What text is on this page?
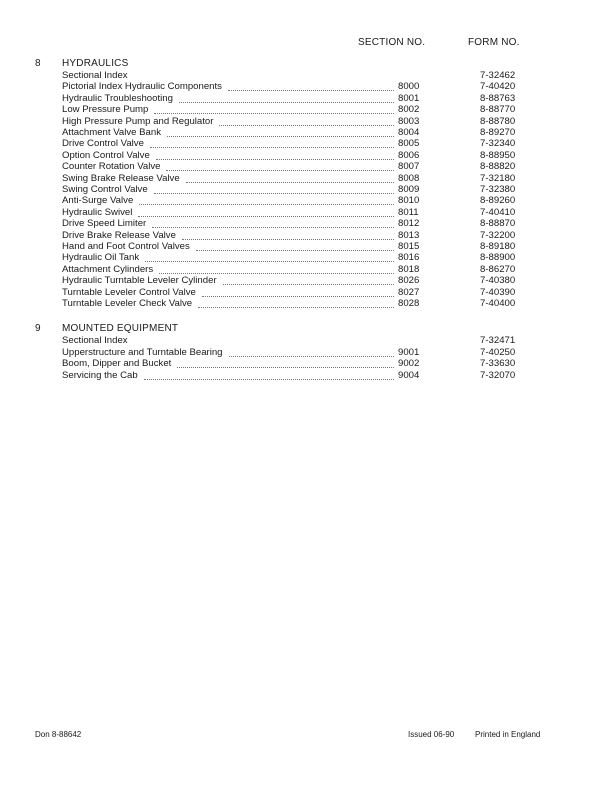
SECTION NO.	FORM NO.
8 HYDRAULICS
Sectional Index	7-32462
Pictorial Index Hydraulic Components	8000	7-40420
Hydraulic Troubleshooting	8001	8-88763
Low Pressure Pump	8002	8-88770
High Pressure Pump and Regulator	8003	8-88780
Attachment Valve Bank	8004	8-89270
Drive Control Valve	8005	7-32340
Option Control Valve	8006	8-88950
Counter Rotation Valve	8007	8-88820
Swing Brake Release Valve	8008	7-32180
Swing Control Valve	8009	7-32380
Anti-Surge Valve	8010	8-89260
Hydraulic Swivel	8011	7-40410
Drive Speed Limiter	8012	8-88870
Drive Brake Release Valve	8013	7-32200
Hand and Foot Control Valves	8015	8-89180
Hydraulic Oil Tank	8016	8-88900
Attachment Cylinders	8018	8-86270
Hydraulic Turntable Leveler Cylinder	8026	7-40380
Turntable Leveler Control Valve	8027	7-40390
Turntable Leveler Check Valve	8028	7-40400
9 MOUNTED EQUIPMENT
Sectional Index	7-32471
Upperstructure and Turntable Bearing	9001	7-40250
Boom, Dipper and Bucket	9002	7-33630
Servicing the Cab	9004	7-32070
Don 8-88642	Issued 06-90	Printed in England
